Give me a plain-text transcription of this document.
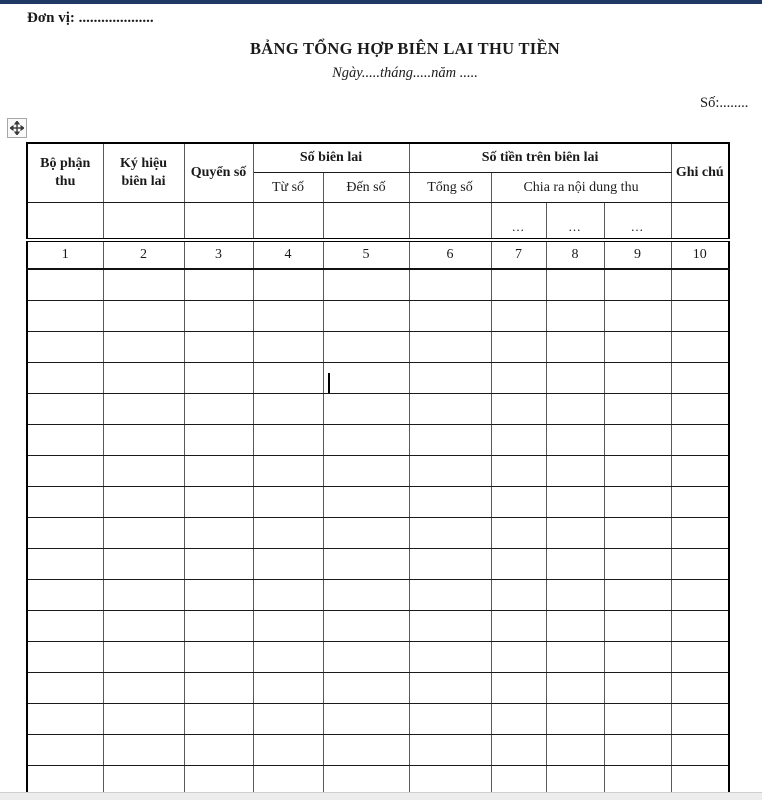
Đơn vị: ....................
BẢNG TỔNG HỢP BIÊN LAI THU TIỀN
Ngày.....tháng.....năm .....
Số:........
Bộ phận thu	Ký hiệu biên lai	Quyển số	Số biên lai		Số tiền trên biên lai				Ghi chú
			Từ số	Đến số	Tổng số	Chia ra nội dung thu			
						...	...	...	
1	2	3	4	5	6	7	8	9	10
